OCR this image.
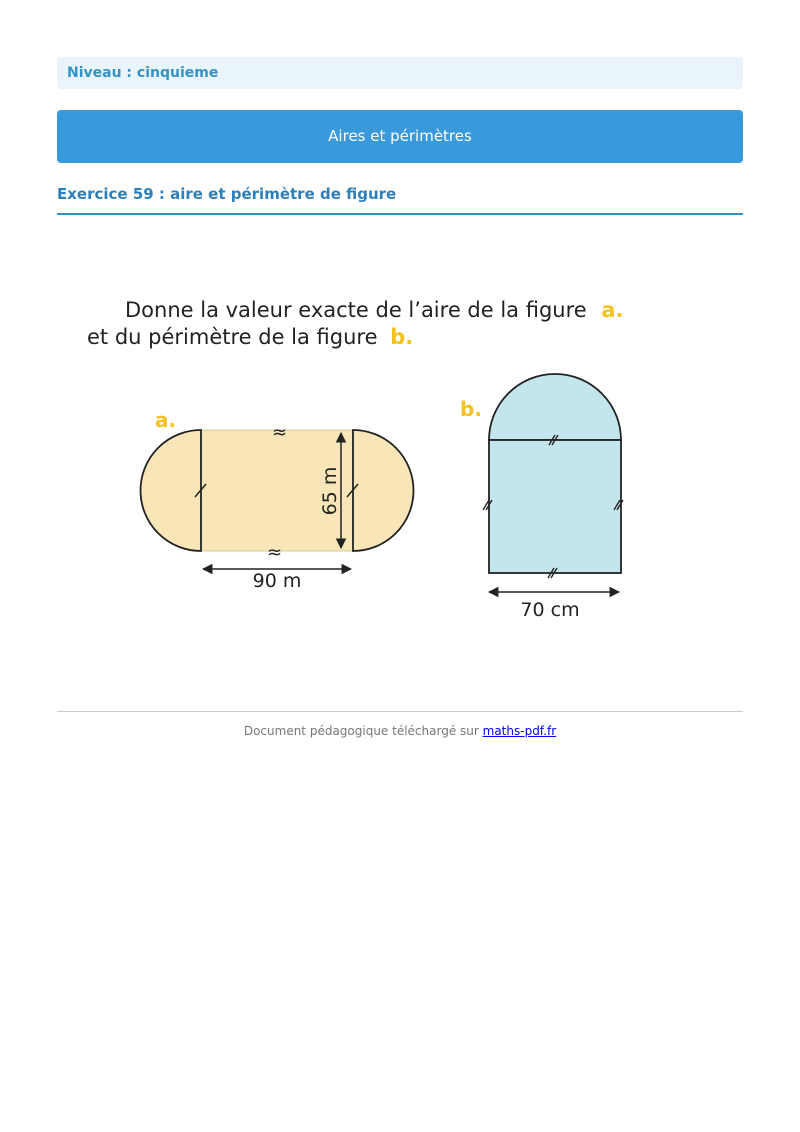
Niveau : cinquieme
Aires et périmètres
Exercice 59 : aire et périmètre de figure
Donne la valeur exacte de l’aire de la figure a.
et du périmètre de la figure b.
a.
≈
≈
65 m
90 m
b.
70 cm
Document pédagogique téléchargé sur maths-pdf.fr
